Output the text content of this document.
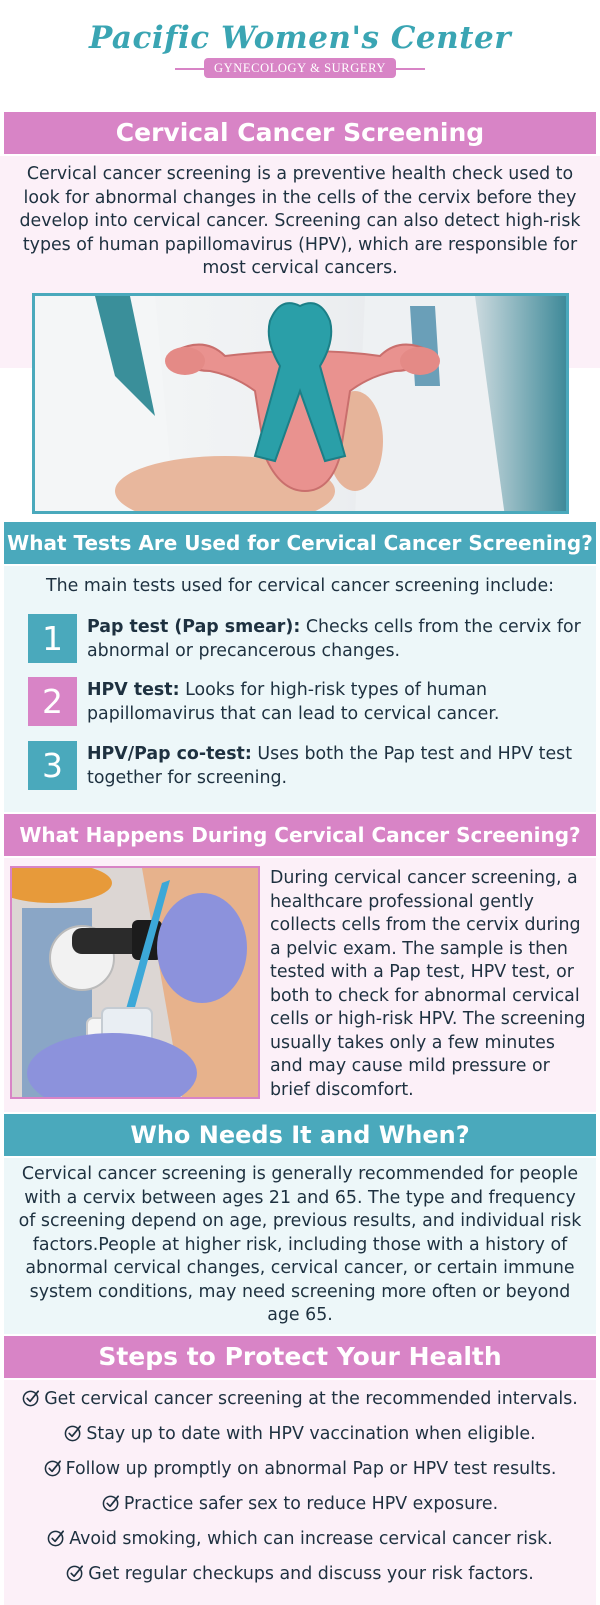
Pacific Women's Center
GYNECOLOGY & SURGERY
Cervical Cancer Screening
Cervical cancer screening is a preventive health check used to look for abnormal changes in the cells of the cervix before they develop into cervical cancer. Screening can also detect high-risk types of human papillomavirus (HPV), which are responsible for most cervical cancers.
What Tests Are Used for Cervical Cancer Screening?
The main tests used for cervical cancer screening include:
1	Pap test (Pap smear): Checks cells from the cervix for abnormal or precancerous changes.
2	HPV test: Looks for high-risk types of human papillomavirus that can lead to cervical cancer.
3	HPV/Pap co-test: Uses both the Pap test and HPV test together for screening.
What Happens During Cervical Cancer Screening?
During cervical cancer screening, a healthcare professional gently collects cells from the cervix during a pelvic exam. The sample is then tested with a Pap test, HPV test, or both to check for abnormal cervical cells or high-risk HPV. The screening usually takes only a few minutes and may cause mild pressure or brief discomfort.
Who Needs It and When?
Cervical cancer screening is generally recommended for people with a cervix between ages 21 and 65. The type and frequency of screening depend on age, previous results, and individual risk factors.People at higher risk, including those with a history of abnormal cervical changes, cervical cancer, or certain immune system conditions, may need screening more often or beyond age 65.
Steps to Protect Your Health
Get cervical cancer screening at the recommended intervals.
Stay up to date with HPV vaccination when eligible.
Follow up promptly on abnormal Pap or HPV test results.
Practice safer sex to reduce HPV exposure.
Avoid smoking, which can increase cervical cancer risk.
Get regular checkups and discuss your risk factors.
